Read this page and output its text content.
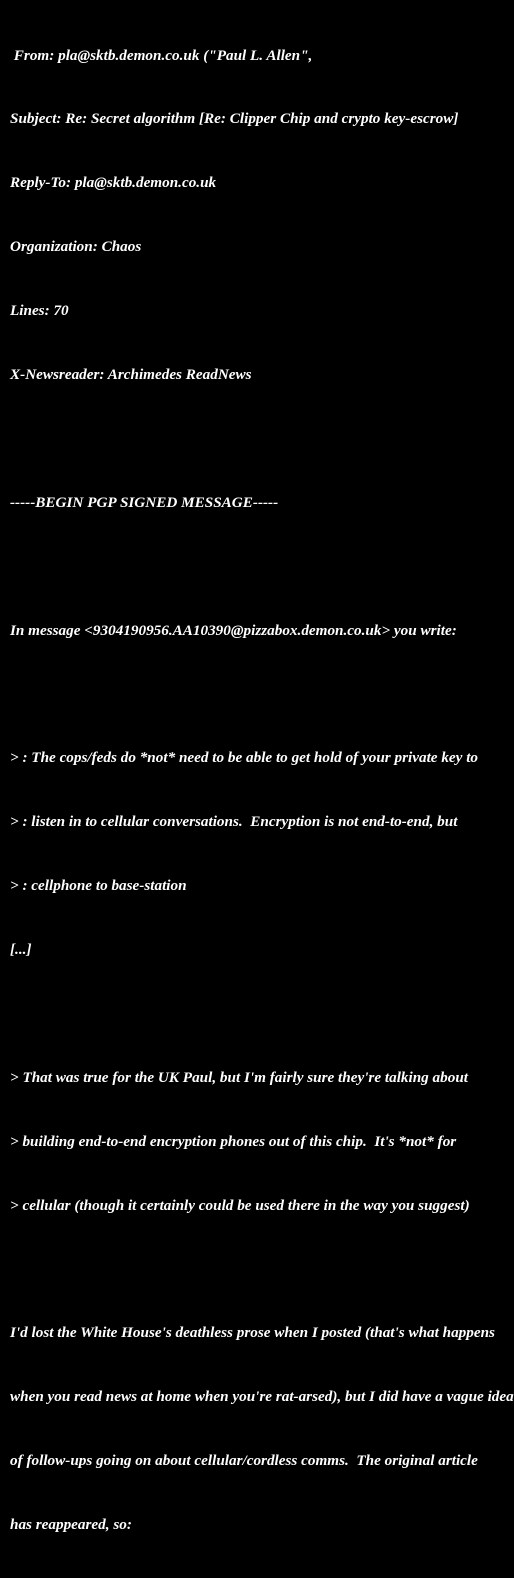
From: pla@sktb.demon.co.uk ("Paul L. Allen",

Subject: Re: Secret algorithm [Re: Clipper Chip and crypto key-escrow]

Reply-To: pla@sktb.demon.co.uk

Organization: Chaos

Lines: 70

X-Newsreader: Archimedes ReadNews

-----BEGIN PGP SIGNED MESSAGE-----

In message <9304190956.AA10390@pizzabox.demon.co.uk> you write:

> : The cops/feds do *not* need to be able to get hold of your private key to

> : listen in to cellular conversations.  Encryption is not end-to-end, but

> : cellphone to base-station

[...]

> That was true for the UK Paul, but I'm fairly sure they're talking about

> building end-to-end encryption phones out of this chip.  It's *not* for

> cellular (though it certainly could be used there in the way you suggest)

I'd lost the White House's deathless prose when I posted (that's what happens

when you read news at home when you're rat-arsed), but I did have a vague idea

of follow-ups going on about cellular/cordless comms.  The original article

has reappeared, so:
